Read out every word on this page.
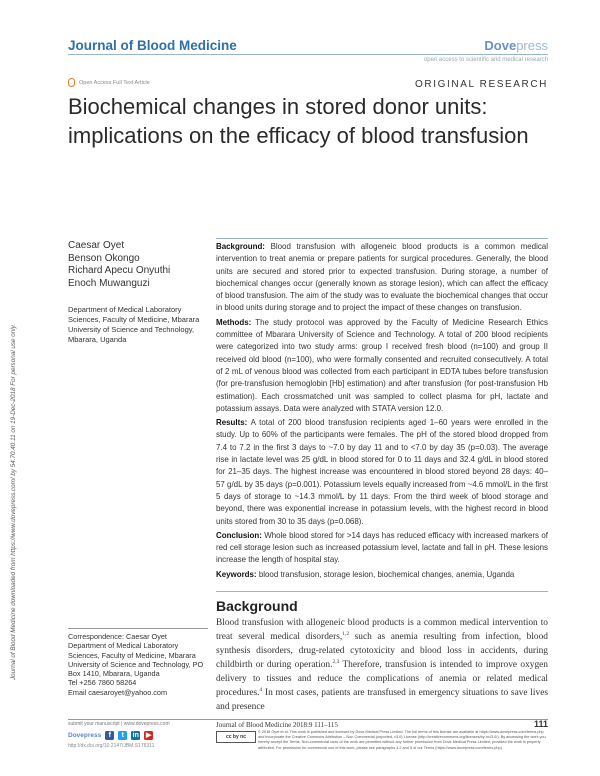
Journal of Blood Medicine	Dovepress
open access to scientific and medical research
Open Access Full Text Article	ORIGINAL RESEARCH
Biochemical changes in stored donor units: implications on the efficacy of blood transfusion
Journal of Blood Medicine downloaded from https://www.dovepress.com/ by 54.70.40.11 on 19-Dec-2018 For personal use only.
Caesar Oyet
Benson Okongo
Richard Apecu Onyuthi
Enoch Muwanguzi
Department of Medical Laboratory Sciences, Faculty of Medicine, Mbarara University of Science and Technology, Mbarara, Uganda

Background: Blood transfusion with allogeneic blood products is a common medical intervention to treat anemia or prepare patients for surgical procedures. Generally, the blood units are secured and stored prior to expected transfusion. During storage, a number of biochemical changes occur (generally known as storage lesion), which can affect the efficacy of blood transfusion. The aim of the study was to evaluate the biochemical changes that occur in blood units during storage and to project the impact of these changes on transfusion.

Methods: The study protocol was approved by the Faculty of Medicine Research Ethics committee of Mbarara University of Science and Technology. A total of 200 blood recipients were categorized into two study arms: group I received fresh blood (n=100) and group II received old blood (n=100), who were formally consented and recruited consecutively. A total of 2 mL of venous blood was collected from each participant in EDTA tubes before transfusion (for pre-transfusion hemoglobin [Hb] estimation) and after transfusion (for post-transfusion Hb estimation). Each crossmatched unit was sampled to collect plasma for pH, lactate and potassium assays. Data were analyzed with STATA version 12.0.

Results: A total of 200 blood transfusion recipients aged 1–60 years were enrolled in the study. Up to 60% of the participants were females. The pH of the stored blood dropped from 7.4 to 7.2 in the first 3 days to ~7.0 by day 11 and to <7.0 by day 35 (p=0.03). The average rise in lactate level was 25 g/dL in blood stored for 0 to 11 days and 32.4 g/dL in blood stored for 21–35 days. The highest increase was encountered in blood stored beyond 28 days: 40–57 g/dL by 35 days (p=0.001). Potassium levels equally increased from ~4.6 mmol/L in the first 5 days of storage to ~14.3 mmol/L by 11 days. From the third week of blood storage and beyond, there was exponential increase in potassium levels, with the highest record in blood units stored from 30 to 35 days (p=0.068).

Conclusion: Whole blood stored for >14 days has reduced efficacy with increased markers of red cell storage lesion such as increased potassium level, lactate and fall in pH. These lesions increase the length of hospital stay.

Keywords: blood transfusion, storage lesion, biochemical changes, anemia, Uganda

Background
Blood transfusion with allogeneic blood products is a common medical intervention to treat several medical disorders,$^{1,2}$ such as anemia resulting from infection, blood synthesis disorders, drug-related cytotoxicity and blood loss in accidents, during childbirth or during operation.$^{2,3}$ Therefore, transfusion is intended to improve oxygen delivery to tissues and reduce the complications of anemia or related medical procedures.$^4$ In most cases, patients are transfused in emergency situations to save lives and presence
Correspondence: Caesar Oyet
Department of Medical Laboratory
Sciences, Faculty of Medicine, Mbarara
University of Science and Technology, PO
Box 1410, Mbarara, Uganda
Tel +256 7860 58264
Email caesaroyet@yahoo.com
submit your manuscript | www.dovepress.com
Dovepress	f	t	in ▶
http://dx.doi.org/10.2147/JBM.S176311
Journal of Blood Medicine 2018:9 111–115	111
cc by nc
© 2018 Oyet et al. This work is published and licensed by Dove Medical Press Limited. The full terms of this license are available at https://www.dovepress.com/terms.php and incorporate the Creative Commons Attribution – Non Commercial (unported, v3.0) License (http://creativecommons.org/licenses/by-nc/3.0/). By accessing the work you hereby accept the Terms. Non-commercial uses of the work are permitted without any further permission from Dove Medical Press Limited, provided the work is properly attributed. For permission for commercial use of this work, please see paragraphs 4.2 and 5 of our Terms (https://www.dovepress.com/terms.php).
